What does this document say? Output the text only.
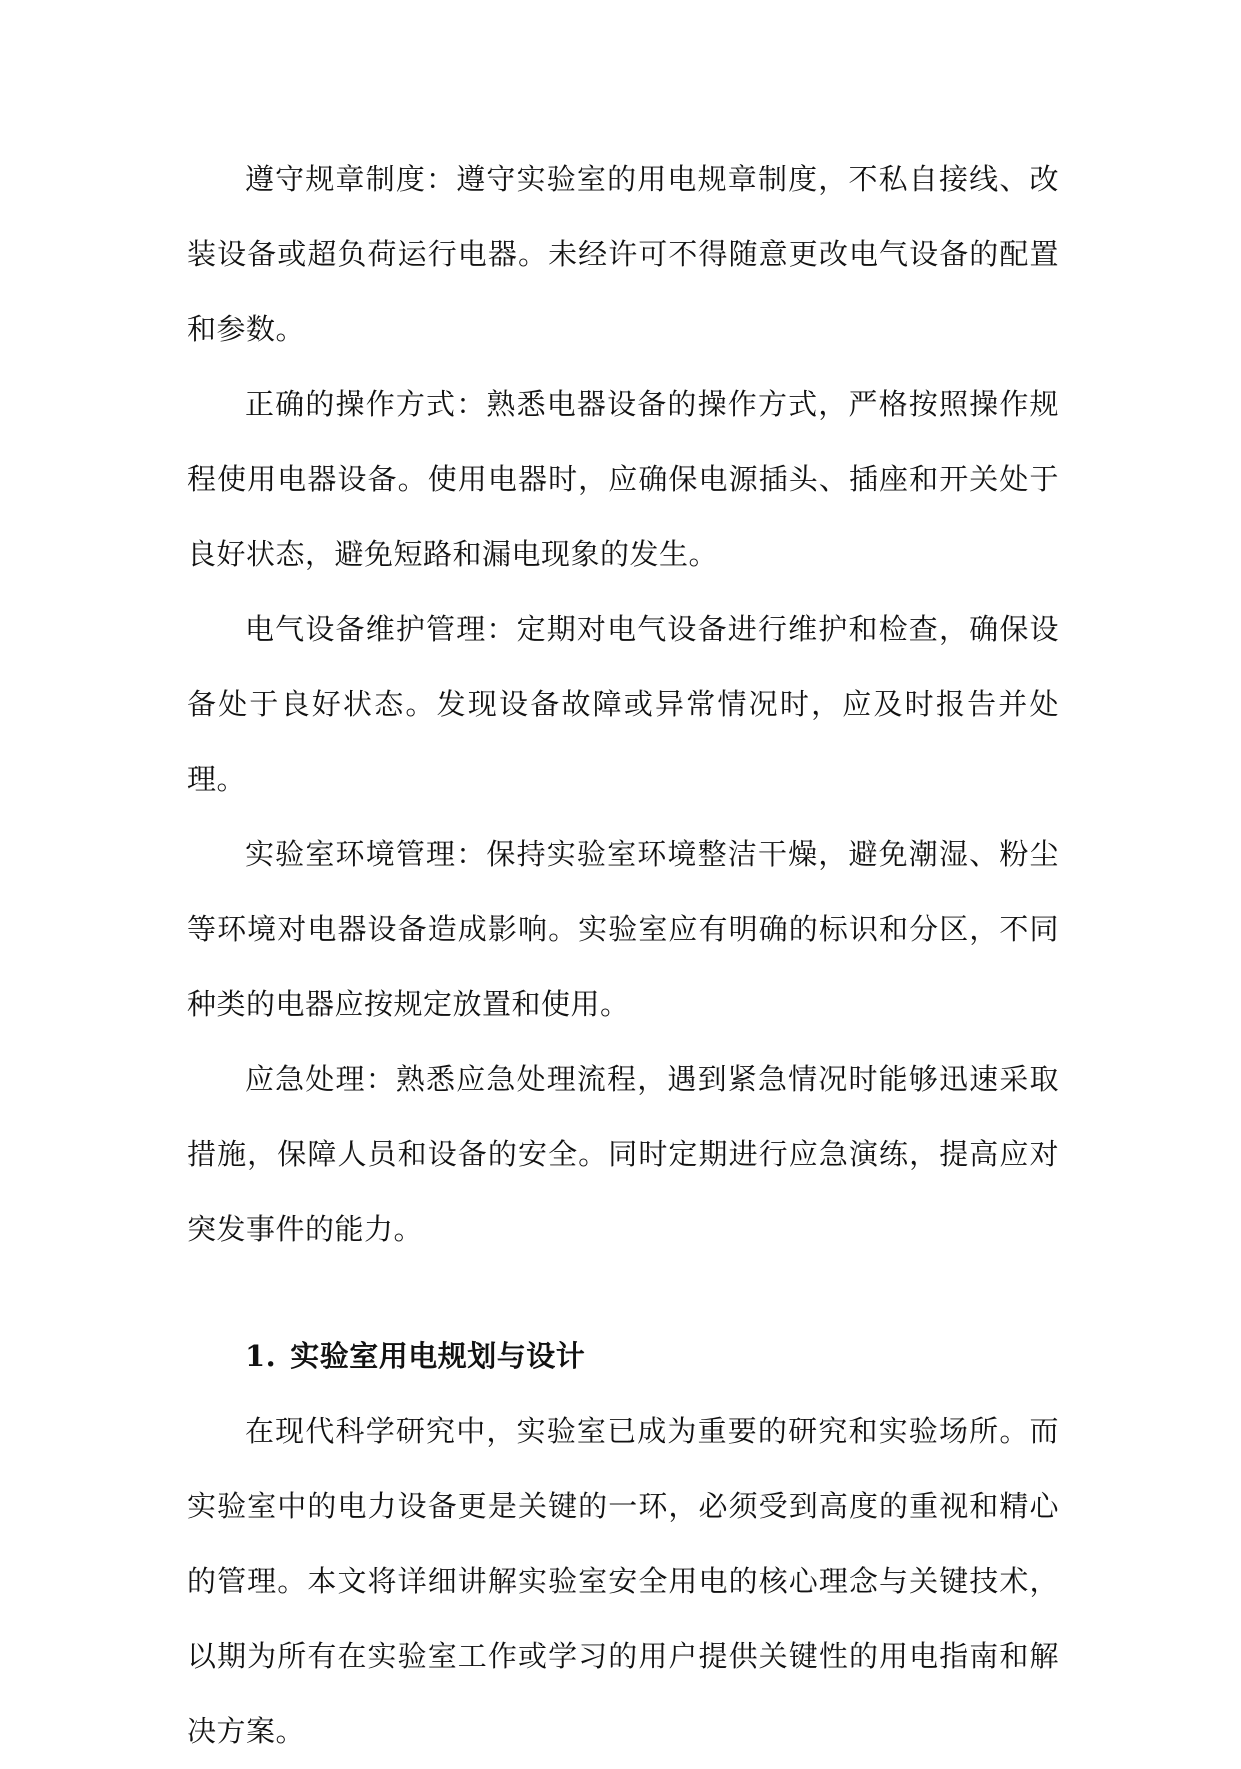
遵守规章制度：遵守实验室的用电规章制度，不私自接线、改装设备或超负荷运行电器。未经许可不得随意更改电气设备的配置和参数。

正确的操作方式：熟悉电器设备的操作方式，严格按照操作规程使用电器设备。使用电器时，应确保电源插头、插座和开关处于良好状态，避免短路和漏电现象的发生。

电气设备维护管理：定期对电气设备进行维护和检查，确保设备处于良好状态。发现设备故障或异常情况时，应及时报告并处理。

实验室环境管理：保持实验室环境整洁干燥，避免潮湿、粉尘等环境对电器设备造成影响。实验室应有明确的标识和分区，不同种类的电器应按规定放置和使用。

应急处理：熟悉应急处理流程，遇到紧急情况时能够迅速采取措施，保障人员和设备的安全。同时定期进行应急演练，提高应对突发事件的能力。

1. 实验室用电规划与设计

在现代科学研究中，实验室已成为重要的研究和实验场所。而实验室中的电力设备更是关键的一环，必须受到高度的重视和精心的管理。本文将详细讲解实验室安全用电的核心理念与关键技术，以期为所有在实验室工作或学习的用户提供关键性的用电指南和解决方案。
